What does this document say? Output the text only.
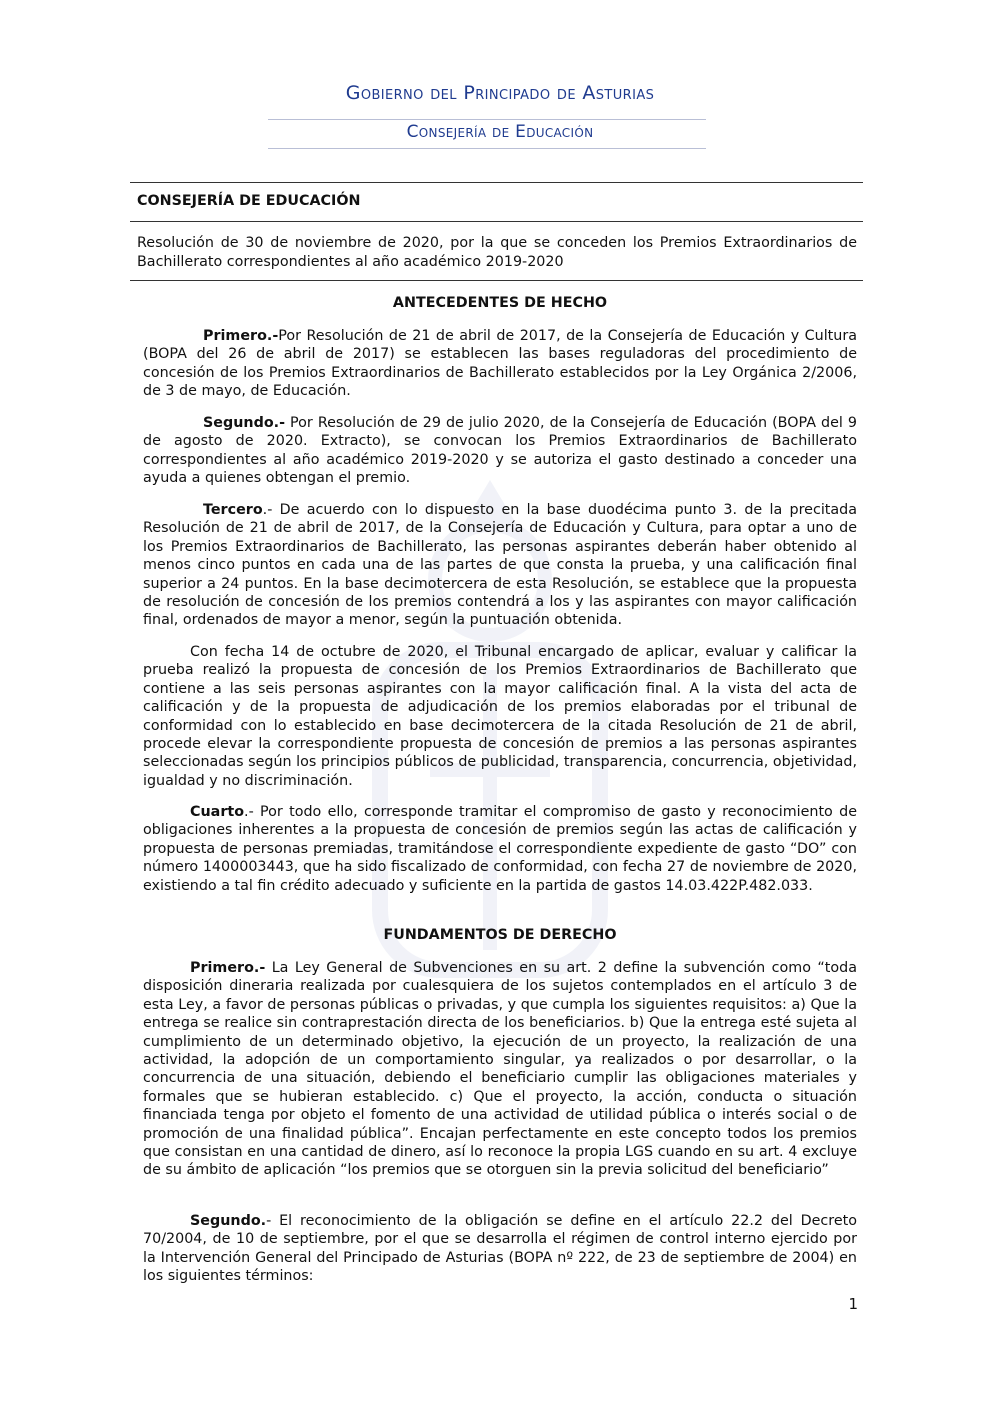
Gobierno del Principado de Asturias
Consejería de Educación
CONSEJERÍA DE EDUCACIÓN
Resolución de 30 de noviembre de 2020, por la que se conceden los Premios Extraordinarios de Bachillerato correspondientes al año académico 2019-2020
ANTECEDENTES DE HECHO
Primero.-Por Resolución de 21 de abril de 2017, de la Consejería de Educación y Cultura (BOPA del 26 de abril de 2017) se establecen las bases reguladoras del procedimiento de concesión de los Premios Extraordinarios de Bachillerato establecidos por la Ley Orgánica 2/2006, de 3 de mayo, de Educación.
Segundo.- Por Resolución de 29 de julio 2020, de la Consejería de Educación (BOPA del 9 de agosto de 2020. Extracto), se convocan los Premios Extraordinarios de Bachillerato correspondientes al año académico 2019-2020 y se autoriza el gasto destinado a conceder una ayuda a quienes obtengan el premio.
Tercero.- De acuerdo con lo dispuesto en la base duodécima punto 3. de la precitada Resolución de 21 de abril de 2017, de la Consejería de Educación y Cultura, para optar a uno de los Premios Extraordinarios de Bachillerato, las personas aspirantes deberán haber obtenido al menos cinco puntos en cada una de las partes de que consta la prueba, y una calificación final superior a 24 puntos. En la base decimotercera de esta Resolución, se establece que la propuesta de resolución de concesión de los premios contendrá a los y las aspirantes con mayor calificación final, ordenados de mayor a menor, según la puntuación obtenida.
Con fecha 14 de octubre de 2020, el Tribunal encargado de aplicar, evaluar y calificar la prueba realizó la propuesta de concesión de los Premios Extraordinarios de Bachillerato que contiene a las seis personas aspirantes con la mayor calificación final. A la vista del acta de calificación y de la propuesta de adjudicación de los premios elaboradas por el tribunal de conformidad con lo establecido en base decimotercera de la citada Resolución de 21 de abril, procede elevar la correspondiente propuesta de concesión de premios a las personas aspirantes seleccionadas según los principios públicos de publicidad, transparencia, concurrencia, objetividad, igualdad y no discriminación.
Cuarto.- Por todo ello, corresponde tramitar el compromiso de gasto y reconocimiento de obligaciones inherentes a la propuesta de concesión de premios según las actas de calificación y propuesta de personas premiadas, tramitándose el correspondiente expediente de gasto “DO” con número 1400003443, que ha sido fiscalizado de conformidad, con fecha 27 de noviembre de 2020, existiendo a tal fin crédito adecuado y suficiente en la partida de gastos 14.03.422P.482.033.
FUNDAMENTOS DE DERECHO
Primero.- La Ley General de Subvenciones en su art. 2 define la subvención como “toda disposición dineraria realizada por cualesquiera de los sujetos contemplados en el artículo 3 de esta Ley, a favor de personas públicas o privadas, y que cumpla los siguientes requisitos: a) Que la entrega se realice sin contraprestación directa de los beneficiarios. b) Que la entrega esté sujeta al cumplimiento de un determinado objetivo, la ejecución de un proyecto, la realización de una actividad, la adopción de un comportamiento singular, ya realizados o por desarrollar, o la concurrencia de una situación, debiendo el beneficiario cumplir las obligaciones materiales y formales que se hubieran establecido. c) Que el proyecto, la acción, conducta o situación financiada tenga por objeto el fomento de una actividad de utilidad pública o interés social o de promoción de una finalidad pública”. Encajan perfectamente en este concepto todos los premios que consistan en una cantidad de dinero, así lo reconoce la propia LGS cuando en su art. 4 excluye de su ámbito de aplicación “los premios que se otorguen sin la previa solicitud del beneficiario”
Segundo.- El reconocimiento de la obligación se define en el artículo 22.2 del Decreto 70/2004, de 10 de septiembre, por el que se desarrolla el régimen de control interno ejercido por la Intervención General del Principado de Asturias (BOPA nº 222, de 23 de septiembre de 2004) en los siguientes términos:
1
